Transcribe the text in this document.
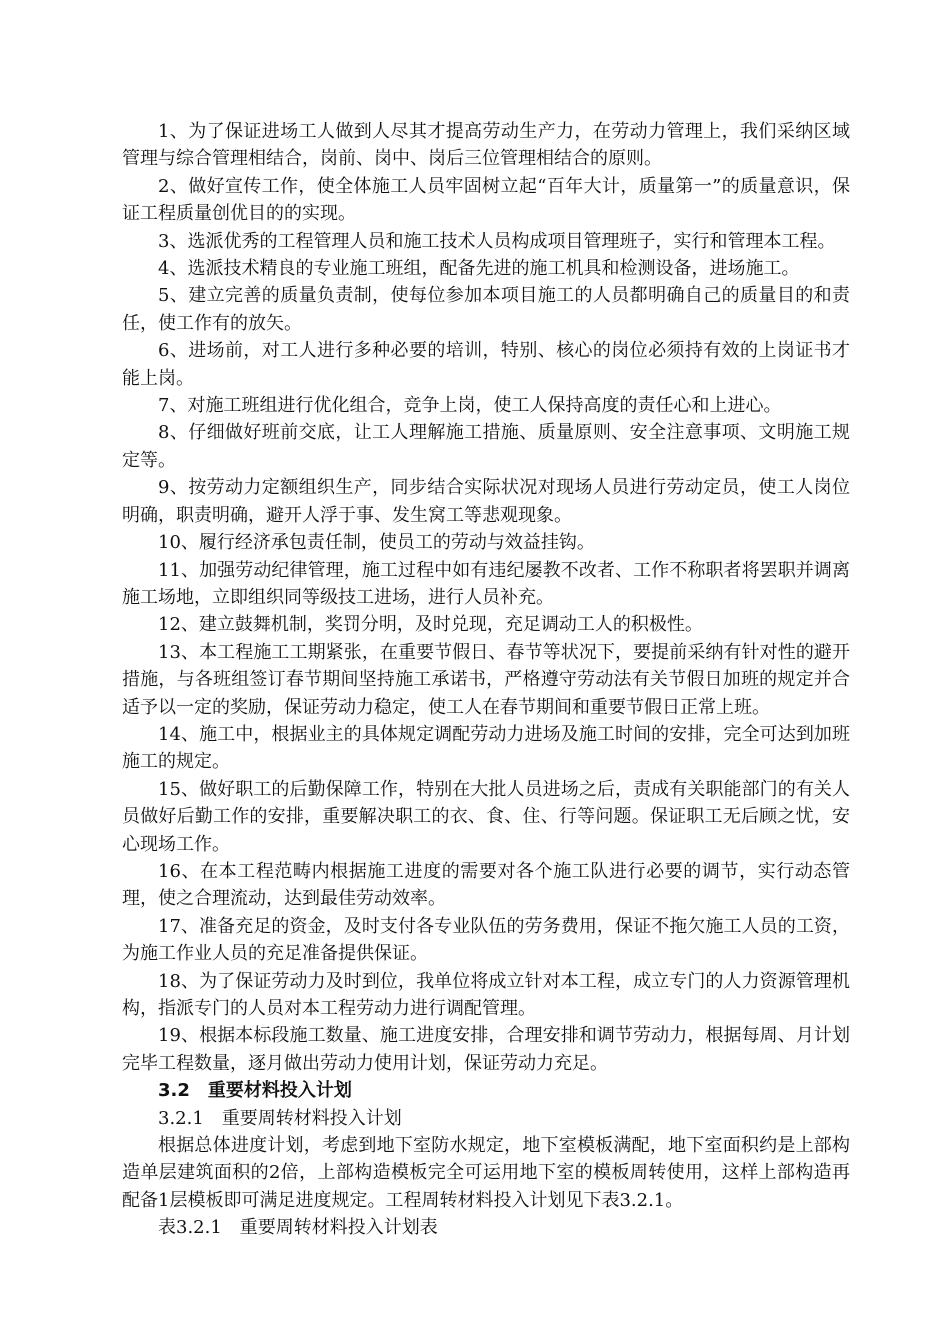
1、为了保证进场工人做到人尽其才提高劳动生产力，在劳动力管理上，我们采纳区域管理与综合管理相结合，岗前、岗中、岗后三位管理相结合的原则。

2、做好宣传工作，使全体施工人员牢固树立起“百年大计，质量第一”的质量意识，保证工程质量创优目的的实现。

3、选派优秀的工程管理人员和施工技术人员构成项目管理班子，实行和管理本工程。

4、选派技术精良的专业施工班组，配备先进的施工机具和检测设备，进场施工。

5、建立完善的质量负责制，使每位参加本项目施工的人员都明确自己的质量目的和责任，使工作有的放矢。

6、进场前，对工人进行多种必要的培训，特别、核心的岗位必须持有效的上岗证书才能上岗。

7、对施工班组进行优化组合，竞争上岗，使工人保持高度的责任心和上进心。

8、仔细做好班前交底，让工人理解施工措施、质量原则、安全注意事项、文明施工规定等。

9、按劳动力定额组织生产，同步结合实际状况对现场人员进行劳动定员，使工人岗位明确，职责明确，避开人浮于事、发生窝工等悲观现象。

10、履行经济承包责任制，使员工的劳动与效益挂钩。

11、加强劳动纪律管理，施工过程中如有违纪屡教不改者、工作不称职者将罢职并调离施工场地，立即组织同等级技工进场，进行人员补充。

12、建立鼓舞机制，奖罚分明，及时兑现，充足调动工人的积极性。

13、本工程施工工期紧张，在重要节假日、春节等状况下，要提前采纳有针对性的避开措施，与各班组签订春节期间坚持施工承诺书，严格遵守劳动法有关节假日加班的规定并合适予以一定的奖励，保证劳动力稳定，使工人在春节期间和重要节假日正常上班。

14、施工中，根据业主的具体规定调配劳动力进场及施工时间的安排，完全可达到加班施工的规定。

15、做好职工的后勤保障工作，特别在大批人员进场之后，责成有关职能部门的有关人员做好后勤工作的安排，重要解决职工的衣、食、住、行等问题。保证职工无后顾之忧，安心现场工作。

16、在本工程范畴内根据施工进度的需要对各个施工队进行必要的调节，实行动态管理，使之合理流动，达到最佳劳动效率。

17、准备充足的资金，及时支付各专业队伍的劳务费用，保证不拖欠施工人员的工资，为施工作业人员的充足准备提供保证。

18、为了保证劳动力及时到位，我单位将成立针对本工程，成立专门的人力资源管理机构，指派专门的人员对本工程劳动力进行调配管理。

19、根据本标段施工数量、施工进度安排，合理安排和调节劳动力，根据每周、月计划完毕工程数量，逐月做出劳动力使用计划，保证劳动力充足。

3.2　重要材料投入计划

3.2.1　重要周转材料投入计划

根据总体进度计划，考虑到地下室防水规定，地下室模板满配，地下室面积约是上部构造单层建筑面积的2倍，上部构造模板完全可运用地下室的模板周转使用，这样上部构造再配备1层模板即可满足进度规定。工程周转材料投入计划见下表3.2.1。

表3.2.1　重要周转材料投入计划表
